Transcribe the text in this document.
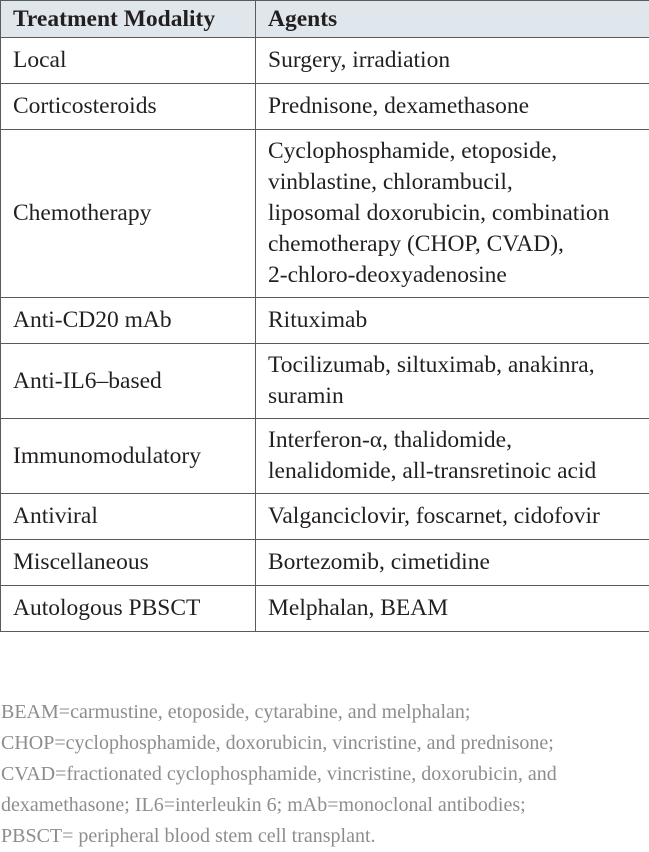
Treatment Modality	Agents
Local	Surgery, irradiation
Corticosteroids	Prednisone, dexamethasone
Chemotherapy	Cyclophosphamide, etoposide,
vinblastine, chlorambucil,
liposomal doxorubicin, combination
chemotherapy (CHOP, CVAD),
2-chloro-deoxyadenosine
Anti-CD20 mAb	Rituximab
Anti-IL6–based	Tocilizumab, siltuximab, anakinra,
suramin
Immunomodulatory	Interferon-α, thalidomide,
lenalidomide, all-transretinoic acid
Antiviral	Valganciclovir, foscarnet, cidofovir
Miscellaneous	Bortezomib, cimetidine
Autologous PBSCT	Melphalan, BEAM
BEAM=carmustine, etoposide, cytarabine, and melphalan;
CHOP=cyclophosphamide, doxorubicin, vincristine, and prednisone;
CVAD=fractionated cyclophosphamide, vincristine, doxorubicin, and
dexamethasone; IL6=interleukin 6; mAb=monoclonal antibodies;
PBSCT= peripheral blood stem cell transplant.
